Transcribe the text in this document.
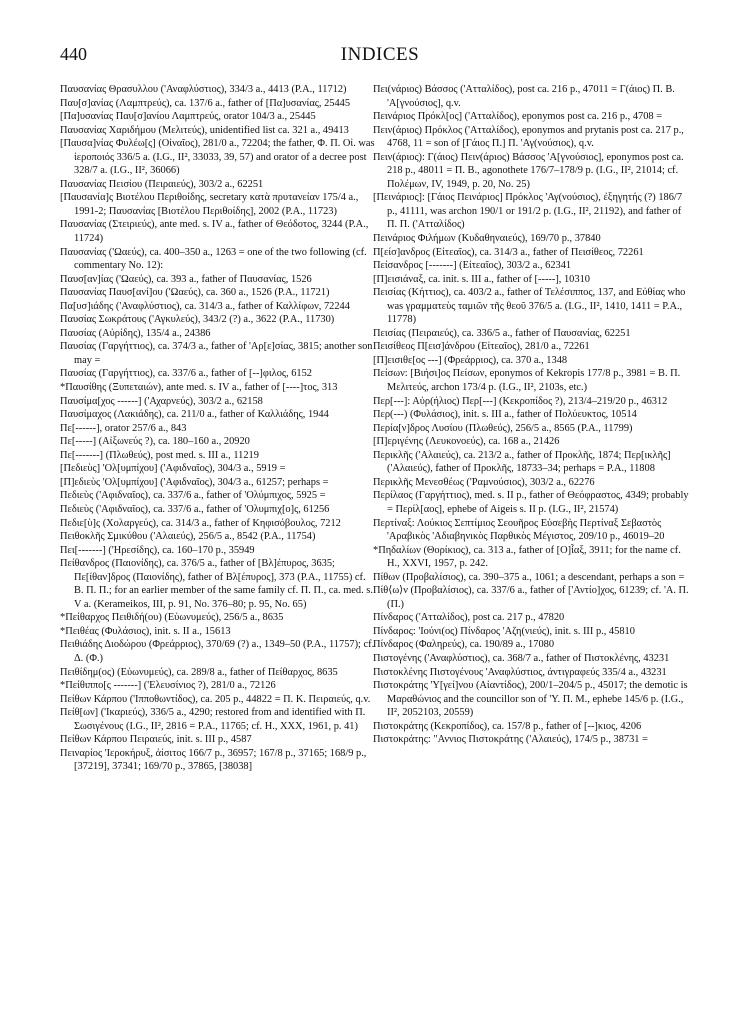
440	INDICES

Παυσανίας Θρασυλλου ('Αναφλύστιος), 334/3 a., 4413 (P.A., 11712)

Παυ[σ]ανίας (Λαμπτρεύς), ca. 137/6 a., father of [Πα]υσανίας, 25445

[Πα]υσανίας Παυ[σ]ανίου Λαμπτρεύς, orator 104/3 a., 25445

Παυσανίας Χαριδήμου (Μελιτεύς), unidentified list ca. 321 a., 49413

[Παυσα]νίας Φυλέω[ς] (Οἰναῖος), 281/0 a., 72204; the father, Φ. Π. Οἰ. was ἱεροποιός 336/5 a. (I.G., II², 33033, 39, 57) and orator of a decree post 328/7 a. (I.G., II², 36066)

Παυσανίας Πεισίου (Πειραιεύς), 303/2 a., 62251

[Παυσανία]ς Βιοτέλου Περιθοίδης, secretary κατὰ πρυτανείαν 175/4 a., 1991-2; Παυσανίας [Βιοτέλου Περιθοίδης], 2002 (P.A., 11723)

Παυσανίας (Στειριεύς), ante med. s. IV a., father of Θεόδοτος, 3244 (P.A., 11724)

Παυσανίας ('Ωαεύς), ca. 400–350 a., 1263 = one of the two following (cf. commentary No. 12):

Παυσ[αν]ίας ('Ωαεύς), ca. 393 a., father of Παυσανίας, 1526

Παυσανίας Παυσ[ανί]ου ('Ωαεύς), ca. 360 a., 1526 (P.A., 11721)

Πα[υσ]ιάδης ('Αναφλύστιος), ca. 314/3 a., father of Καλλίφων, 72244

Παυσίας Σωκράτους ('Αγκυλεύς), 343/2 (?) a., 3622 (P.A., 11730)

Παυσίας (Αὐρίδης), 135/4 a., 24386

Παυσίας (Γαργήττιος), ca. 374/3 a., father of 'Αρ[ε]σίας, 3815; another son may =

Παυσίας (Γαργήττιος), ca. 337/6 a., father of [--]φιλος, 6152

*Παυσίθης (Ξυπεταιών), ante med. s. IV a., father of [----]τος, 313

Παυσίμα[χος ------] ('Αχαρνεύς), 303/2 a., 62158

Παυσίμαχος (Λακιάδης), ca. 211/0 a., father of Καλλιάδης, 1944

Πε[------], orator 257/6 a., 843

Πε[-----] (Αἰξωνεύς ?), ca. 180–160 a., 20920

Πε[-------] (Πλωθεύς), post med. s. III a., 11219

[Πεδιεὺς] 'Ολ[υμπίχου] ('Αφιδναῖος), 304/3 a., 5919 =

[Π]εδιεὺς 'Ολ[υμπίχου] ('Αφιδναῖος), 304/3 a., 61257; perhaps =

Πεδιεὺς ('Αφιδναῖος), ca. 337/6 a., father of 'Ολύμπιχος, 5925 =

Πεδιεὺς ('Αφιδναῖος), ca. 337/6 a., father of 'Ολυμπιχ[ο]ς, 61256

Πεδιε[ὺ]ς (Χολαργεύς), ca. 314/3 a., father of Κηφισόβουλος, 7212

Πειθοκλῆς Σμικύθου ('Αλαιεύς), 256/5 a., 8542 (P.A., 11754)

Πει[-------] ('Ηρεσίδης), ca. 160–170 p., 35949

Πείθανδρος (Παιονίδης), ca. 376/5 a., father of [Βλ]έπυρος, 3635; Πε[ίθαν]δρος (Παιονίδης), father of Βλ[έπυρος], 373 (P.A., 11755) cf. Β. Π. Π.; for an earlier member of the same family cf. Π. Π., ca. med. s. V a. (Kerameikos, III, p. 91, No. 376–80; p. 95, No. 65)

*Πείθαρχος Πειθιδή(ου) (Εὐωνυμεύς), 256/5 a., 8635

*Πειθέας (Φυλάσιος), init. s. II a., 15613

Πειθιάδης Διοδώρου (Φρεάρριος), 370/69 (?) a., 1349–50 (P.A., 11757); cf. Δ. (Φ.)

Πειθίδημ(ος) (Εὐωνυμεύς), ca. 289/8 a., father of Πείθαρχος, 8635

*Πείθιππο[ς -------] ('Ελευσίνιος ?), 281/0 a., 72126

Πείθων Κάρπου ('Ιπποθωντίδος), ca. 205 p., 44822 = Π. Κ. Πειραιεύς, q.v.

Πείθ[ων] ('Ικαριεύς), 336/5 a., 4290; restored from and identified with Π. Σωσιγένους (I.G., II², 2816 = P.A., 11765; cf. H., XXX, 1961, p. 41)

Πείθων Κάρπου Πειραιεύς, init. s. III p., 4587

Πειναρίος 'Ιεροκήρυξ, ἀίσιτος 166/7 p., 36957; 167/8 p., 37165; 168/9 p., [37219], 37341; 169/70 p., 37865, [38038]

Πει(νάριος) Βάσσος ('Ατταλίδος), post ca. 216 p., 47011 = Γ(άιος) Π. Β. 'Α[γνούσιος], q.v.

Πεινάριος Πρόκλ[ος] ('Ατταλίδος), eponymos post ca. 216 p., 4708 =

Πειν(άριος) Πρόκλος ('Ατταλίδος), eponymos and prytanis post ca. 217 p., 4768, 11 = son of [Γάιος Π.] Π. 'Αγ(νούσιος), q.v.

Πειν(άριος): Γ(άιος) Πειν(άριος) Βάσσος 'Α[γνούσιος], eponymos post ca. 218 p., 48011 = Π. Β., agonothete 176/7–178/9 p. (I.G., II², 21014; cf. Πολέμων, IV, 1949, p. 20, No. 25)

[Πεινάριος]: [Γάιος Πεινάριος] Πρόκλος 'Αγ(νούσιος), ἐξηγητής (?) 186/7 p., 41111, was archon 190/1 or 191/2 p. (I.G., II², 21192), and father of Π. Π. ('Ατταλίδος)

Πεινάριος Φιλήμων (Κυδαθηναιεύς), 169/70 p., 37840

Π[είσ]ανδρος (Εἰτεαῖος), ca. 314/3 a., father of Πεισίθεος, 72261

Πείσανδρος [-------] (Εἰτεαῖος), 303/2 a., 62341

[Π]εισιάναξ, ca. init. s. III a., father of [-----], 10310

Πεισίας (Κήττιος), ca. 403/2 a., father of Τελέσιππος, 137, and Εὐθίας who was γραμματεὺς ταμιῶν τῆς θεοῦ 376/5 a. (I.G., II², 1410, 1411 = P.A., 11778)

Πεισίας (Πειραιεύς), ca. 336/5 a., father of Παυσανίας, 62251

Πεισίθεος Π[εισ]άνδρου (Εἰτεαῖος), 281/0 a., 72261

[Π]εισιθε[ος ---] (Φρεάρριος), ca. 370 a., 1348

Πείσων: [Βιήσι]ος Πείσων, eponymos of Kekropis 177/8 p., 3981 = Β. Π. Μελιτεύς, archon 173/4 p. (I.G., II², 2103s, etc.)

Περ[---]: Αὐρ(ήλιος) Περ[---] (Κεκροπίδος ?), 213/4–219/20 p., 46312

Περ(---) (Φυλάσιος), init. s. III a., father of Πολύευκτος, 10514

Περία[ν]δρος Λυσίου (Πλωθεύς), 256/5 a., 8565 (P.A., 11799)

[Π]εριγένης (Λευκονοεύς), ca. 168 a., 21426

Περικλῆς ('Αλαιεύς), ca. 213/2 a., father of Προκλῆς, 1874; Περ[ικλῆς] ('Αλαιεύς), father of Προκλῆς, 18733–34; perhaps = P.A., 11808

Περικλῆς Μενεσθέως ('Ραμνούσιος), 303/2 a., 62276

Περίλαος (Γαργήττιος), med. s. II p., father of Θεόφραστος, 4349; probably = Περίλ[αος], ephebe of Aigeis s. II p. (I.G., II², 21574)

Περτίναξ: Λούκιος Σεπτίμιος Σεουῆρος Εὐσεβὴς Περτίναξ Σεβαστὸς 'Αραβικὸς 'Αδιαβηνικὸς Παρθικὸς Μέγιστος, 209/10 p., 46019–20

*Πηδαλίων (Θορίκιος), ca. 313 a., father of [Ο]ἶαξ, 3911; for the name cf. H., XXVI, 1957, p. 242.

Πίθων (Προβαλίσιος), ca. 390–375 a., 1061; a descendant, perhaps a son =

Πίθ⟨ω⟩ν (Προβαλίσιος), ca. 337/6 a., father of ['Αντίο]χος, 61239; cf. 'Α. Π. (Π.)

Πίνδαρος ('Ατταλίδος), post ca. 217 p., 47820

Πίνδαρος: 'Ιούνι(ος) Πίνδαρος 'Αζη(νιεύς), init. s. III p., 45810

Πίνδαρος (Φαληρεύς), ca. 190/89 a., 17080

Πιστογένης ('Αναφλύστιος), ca. 368/7 a., father of Πιστοκλένης, 43231

Πιστοκλένης Πιστογένους 'Αναφλύστιος, ἀντιγραφεύς 335/4 a., 43231

Πιστοκράτης 'Υ[γεί]νου (Αἰαντίδος), 200/1–204/5 p., 45017; the demotic is Μαραθώνιος and the councillor son of 'Υ. Π. Μ., ephebe 145/6 p. (I.G., II², 2052103, 20559)

Πιστοκράτης (Κεκροπίδος), ca. 157/8 p., father of [--]κιος, 4206

Πιστοκράτης: "Αννιος Πιστοκράτης ('Αλαιεύς), 174/5 p., 38731 =
